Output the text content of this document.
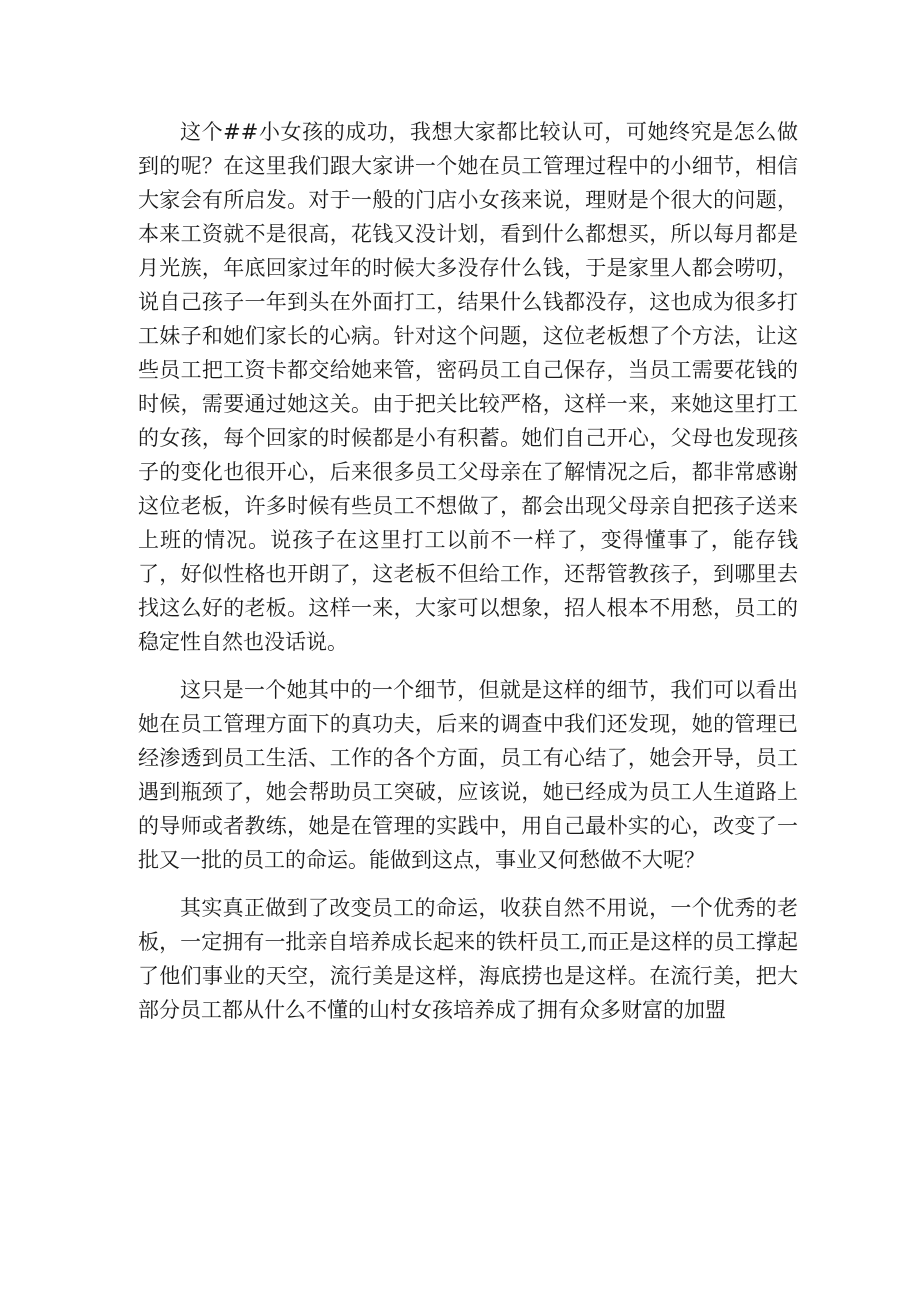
这个##小女孩的成功，我想大家都比较认可，可她终究是怎么做到的呢？在这里我们跟大家讲一个她在员工管理过程中的小细节，相信大家会有所启发。对于一般的门店小女孩来说，理财是个很大的问题，本来工资就不是很高，花钱又没计划，看到什么都想买，所以每月都是月光族，年底回家过年的时候大多没存什么钱，于是家里人都会唠叨，说自己孩子一年到头在外面打工，结果什么钱都没存，这也成为很多打工妹子和她们家长的心病。针对这个问题，这位老板想了个方法，让这些员工把工资卡都交给她来管，密码员工自己保存，当员工需要花钱的时候，需要通过她这关。由于把关比较严格，这样一来，来她这里打工的女孩，每个回家的时候都是小有积蓄。她们自己开心，父母也发现孩子的变化也很开心，后来很多员工父母亲在了解情况之后，都非常感谢这位老板，许多时候有些员工不想做了，都会出现父母亲自把孩子送来上班的情况。说孩子在这里打工以前不一样了，变得懂事了，能存钱了，好似性格也开朗了，这老板不但给工作，还帮管教孩子，到哪里去找这么好的老板。这样一来，大家可以想象，招人根本不用愁，员工的稳定性自然也没话说。

这只是一个她其中的一个细节，但就是这样的细节，我们可以看出她在员工管理方面下的真功夫，后来的调查中我们还发现，她的管理已经渗透到员工生活、工作的各个方面，员工有心结了，她会开导，员工遇到瓶颈了，她会帮助员工突破，应该说，她已经成为员工人生道路上的导师或者教练，她是在管理的实践中，用自己最朴实的心，改变了一批又一批的员工的命运。能做到这点，事业又何愁做不大呢？

其实真正做到了改变员工的命运，收获自然不用说，一个优秀的老板，一定拥有一批亲自培养成长起来的铁杆员工,而正是这样的员工撑起了他们事业的天空，流行美是这样，海底捞也是这样。在流行美，把大部分员工都从什么不懂的山村女孩培养成了拥有众多财富的加盟
